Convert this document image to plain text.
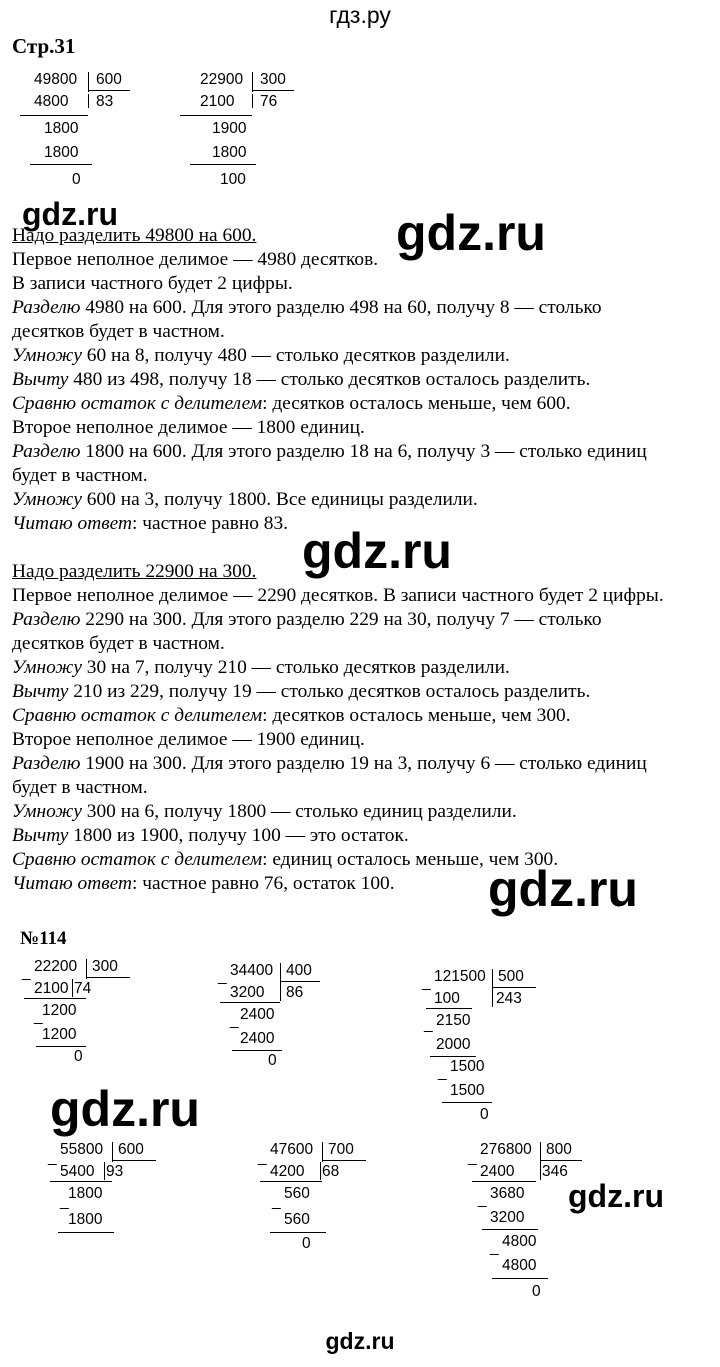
гдз.ру
Стр.31
49800 600
4800 83
1800
1800
0
22900 300
2100 76
1900
1800
100
gdz.ru	gdz.ru
gdz.ru
gdz.ru
gdz.ru
gdz.ru
Надо разделить 49800 на 600.
Первое неполное делимое — 4980 десятков.
В записи частного будет 2 цифры.
Разделю 4980 на 600. Для этого разделю 498 на 60, получу 8 — столько
десятков будет в частном.
Умножу 60 на 8, получу 480 — столько десятков разделили.
Вычту 480 из 498, получу 18 — столько десятков осталось разделить.
Сравню остаток с делителем: десятков осталось меньше, чем 600.
Второе неполное делимое — 1800 единиц.
Разделю 1800 на 600. Для этого разделю 18 на 6, получу 3 — столько единиц
будет в частном.
Умножу 600 на 3, получу 1800. Все единицы разделили.
Читаю ответ: частное равно 83.
Надо разделить 22900 на 300.
Первое неполное делимое — 2290 десятков. В записи частного будет 2 цифры.
Разделю 2290 на 300. Для этого разделю 229 на 30, получу 7 — столько
десятков будет в частном.
Умножу 30 на 7, получу 210 — столько десятков разделили.
Вычту 210 из 229, получу 19 — столько десятков осталось разделить.
Сравню остаток с делителем: десятков осталось меньше, чем 300.
Второе неполное делимое — 1900 единиц.
Разделю 1900 на 300. Для этого разделю 19 на 3, получу 6 — столько единиц
будет в частном.
Умножу 300 на 6, получу 1800 — столько единиц разделили.
Вычту 1800 из 1900, получу 100 — это остаток.
Сравню остаток с делителем: единиц осталось меньше, чем 300.
Читаю ответ: частное равно 76, остаток 100.
№114
_ 22200 300
2100 74
_ 1200
1200
0
_ 34400 400
3200 86
_ 2400
2400
0
_ 121500 500
100 243
_ 2150
2000
_ 1500
1500
0
_ 55800 600
5400 93
_ 1800
1800
_ 47600 700
4200 68
_ 560
560
0
_ 276800 800
2400 346
_ 3680
3200
_ 4800
4800
0
gdz.ru
